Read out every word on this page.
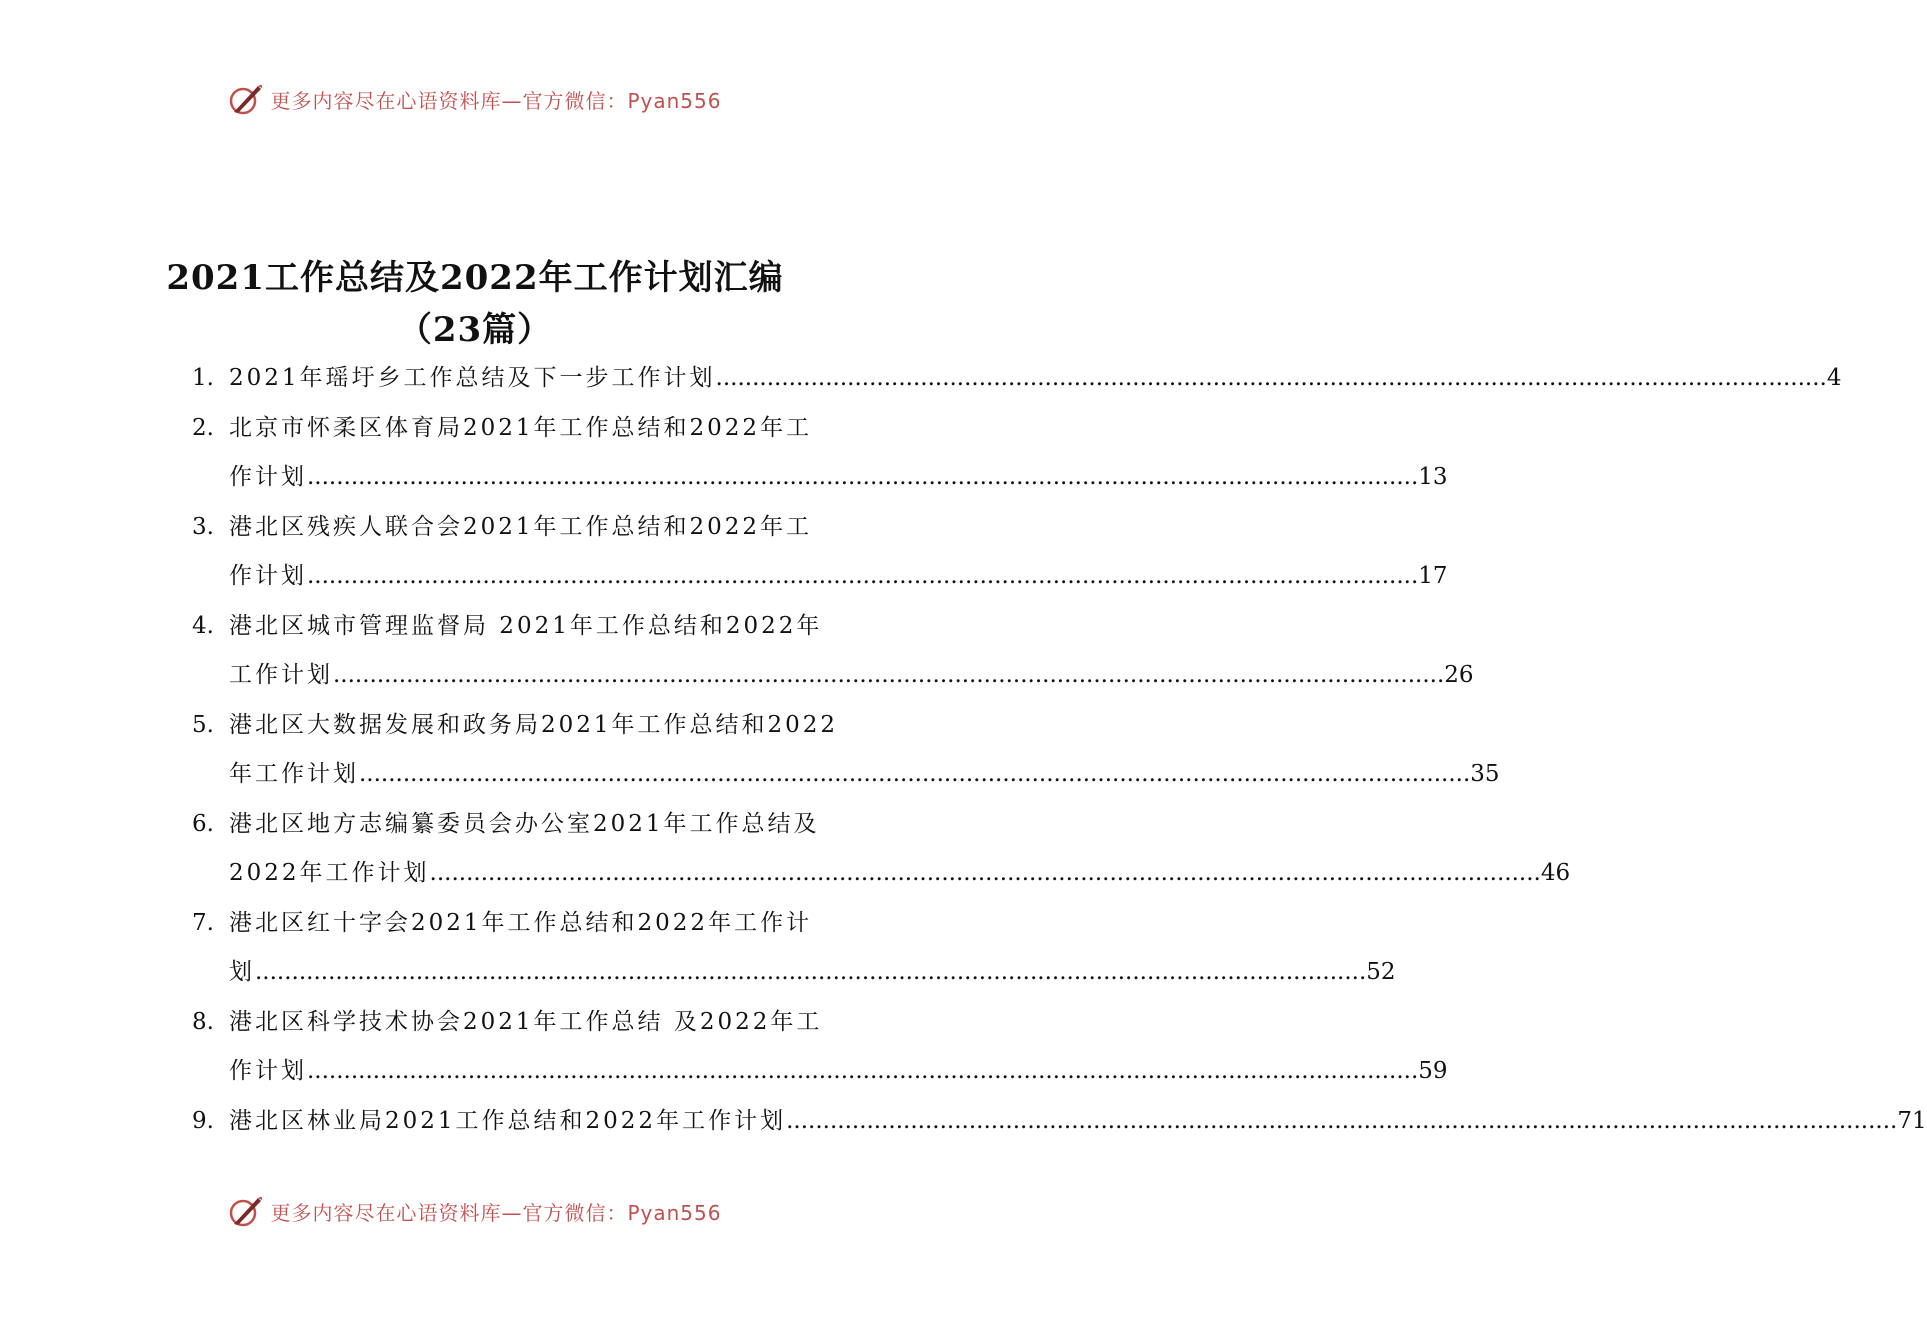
更多内容尽在心语资料库—官方微信：Pyan556
2021工作总结及2022年工作计划汇编（23篇）
1. 2021年瑶圩乡工作总结及下一步工作计划 .....	4
2. 北京市怀柔区体育局2021年工作总结和2022年工
作计划 .....	13
3. 港北区残疾人联合会2021年工作总结和2022年工
作计划 .....	17
4. 港北区城市管理监督局 2021年工作总结和2022年
工作计划 .....	26
5. 港北区大数据发展和政务局2021年工作总结和2022
年工作计划 .....	35
6. 港北区地方志编纂委员会办公室2021年工作总结及
2022年工作计划 .....	46
7. 港北区红十字会2021年工作总结和2022年工作计
划 .....	52
8. 港北区科学技术协会2021年工作总结 及2022年工
作计划 .....	59
9. 港北区林业局2021工作总结和2022年工作计划 .....	71
更多内容尽在心语资料库—官方微信：Pyan556
